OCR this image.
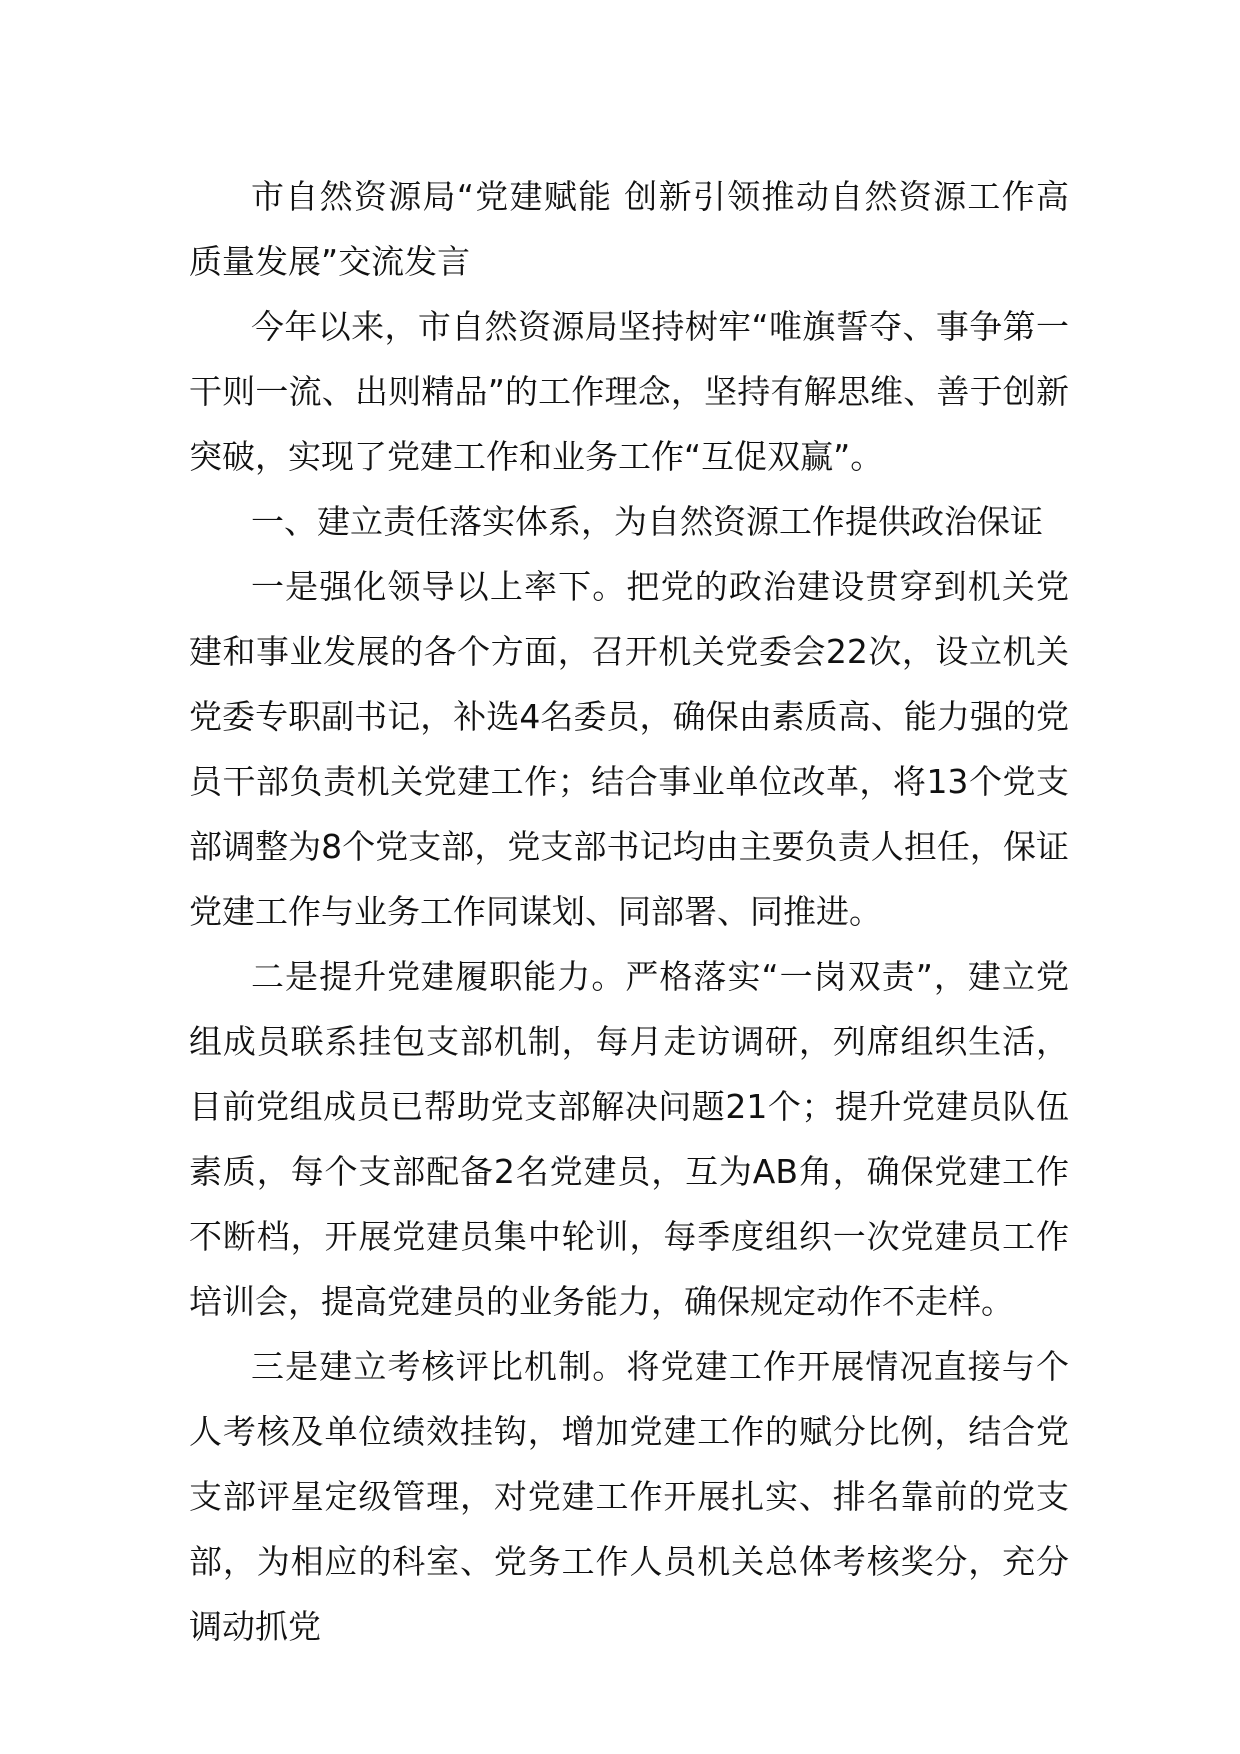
市自然资源局“党建赋能 创新引领推动自然资源工作高质量发展”交流发言

今年以来，市自然资源局坚持树牢“唯旗誓夺、事争第一干则一流、出则精品”的工作理念，坚持有解思维、善于创新突破，实现了党建工作和业务工作“互促双赢”。

一、建立责任落实体系，为自然资源工作提供政治保证

一是强化领导以上率下。把党的政治建设贯穿到机关党建和事业发展的各个方面，召开机关党委会22次，设立机关党委专职副书记，补选4名委员，确保由素质高、能力强的党员干部负责机关党建工作；结合事业单位改革，将13个党支部调整为8个党支部，党支部书记均由主要负责人担任，保证党建工作与业务工作同谋划、同部署、同推进。

二是提升党建履职能力。严格落实“一岗双责”，建立党组成员联系挂包支部机制，每月走访调研，列席组织生活，目前党组成员已帮助党支部解决问题21个；提升党建员队伍素质，每个支部配备2名党建员，互为AB角，确保党建工作不断档，开展党建员集中轮训，每季度组织一次党建员工作培训会，提高党建员的业务能力，确保规定动作不走样。

三是建立考核评比机制。将党建工作开展情况直接与个人考核及单位绩效挂钩，增加党建工作的赋分比例，结合党支部评星定级管理，对党建工作开展扎实、排名靠前的党支部，为相应的科室、党务工作人员机关总体考核奖分，充分调动抓党
